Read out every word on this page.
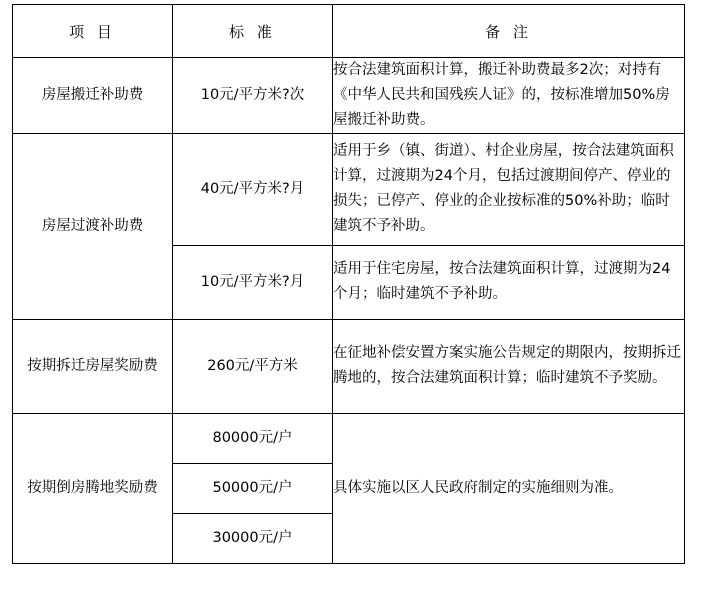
项 目	标 准	备 注
房屋搬迁补助费	10元/平方米?次	按合法建筑面积计算，搬迁补助费最多2次；对持有《中华人民共和国残疾人证》的，按标准增加50%房屋搬迁补助费。
房屋过渡补助费	40元/平方米?月	适用于乡（镇、街道）、村企业房屋，按合法建筑面积计算，过渡期为24个月，包括过渡期间停产、停业的损失；已停产、停业的企业按标准的50%补助；临时建筑不予补助。
	10元/平方米?月	适用于住宅房屋，按合法建筑面积计算，过渡期为24个月；临时建筑不予补助。
按期拆迁房屋奖励费	260元/平方米	在征地补偿安置方案实施公告规定的期限内，按期拆迁腾地的，按合法建筑面积计算；临时建筑不予奖励。
按期倒房腾地奖励费	80000元/户	具体实施以区人民政府制定的实施细则为准。
	50000元/户	
	30000元/户	
